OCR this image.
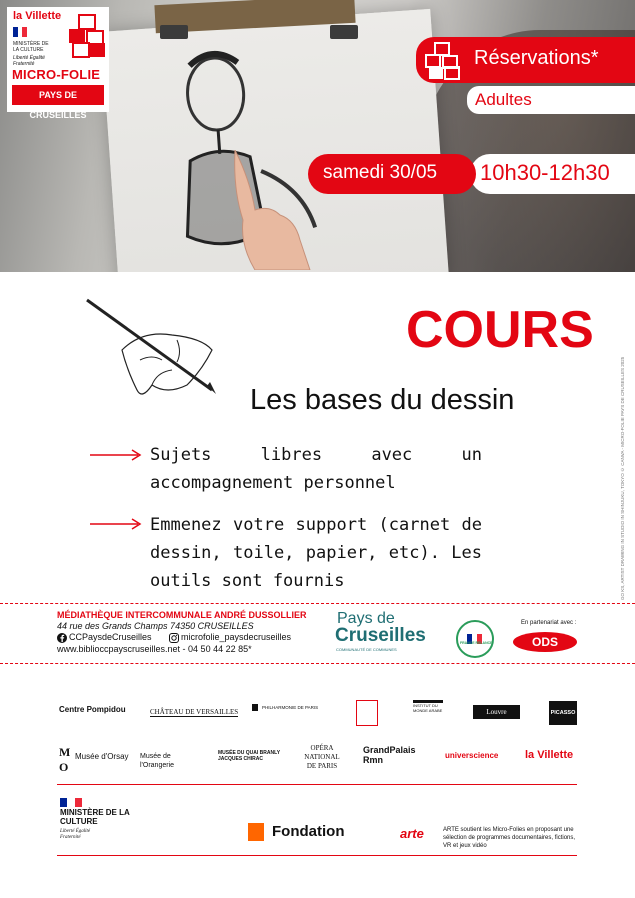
la Villette
MINISTÈRE DE LA CULTURE
Liberté Égalité Fraternité
MICRO-FOLIE
PAYS DE CRUSEILLES
Réservations*
Adultes
samedi 30/05 10h30-12h30
COURS
Les bases du dessin
Sujets libres avec un accompagnement personnel
Emmenez votre support (carnet de dessin, toile, papier, etc). Les outils sont fournis	GO KS, ARTIST DRAWING IN STUDIO IN SHINJUKU, TOKYO © CANVA - MICRO-FOLIE PAYS DE CRUSEILLES 2025
MÉDIATHÈQUE INTERCOMMUNALE ANDRÉ DUSSOLLIER
44 rue des Grands Champs 74350 CRUSEILLES
CCPaysdeCruseilles	microfolie_paysdecruseilles
www.biblioccpayscruseilles.net - 04 50 44 22 85*
Pays de
Cruseilles
COMMUNAUTÉ DE COMMUNES
FRANCE RELANCE
En partenariat avec :
ODS
Centre Pompidou	CHÂTEAU DE VERSAILLES
PHILHARMONIE DE PARIS	INSTITUT DU MONDE ARABE	Louvre	PICASSO
M
O
Musée d'Orsay Musée de l'Orangerie
MUSÉE DU QUAI BRANLY JACQUES CHIRAC
OPÉRA NATIONAL DE PARIS
GrandPalais Rmn	universcience la Villette
MINISTÈRE DE LA CULTURE
Liberté Égalité Fraternité	Fondation	arte	ARTE soutient les Micro-Folies en proposant une sélection de programmes documentaires, fictions, VR et jeux vidéo
